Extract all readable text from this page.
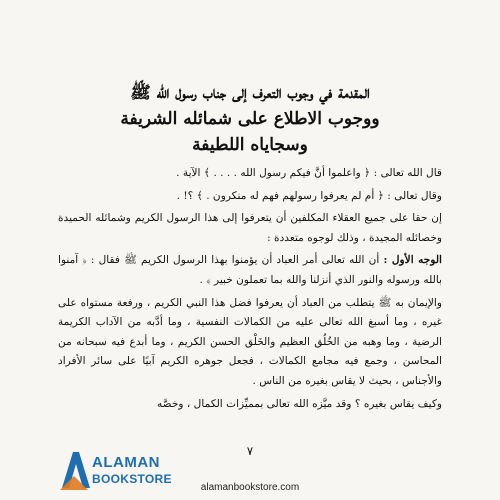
المقدمة في وجوب التعرف إلى جناب رسول الله ﷺ
ووجوب الاطلاع على شمائله الشريفة
وسجاياه اللطيفة

قال الله تعالى : ﴿ واعلموا أنَّ فيكم رسول الله . . . . ﴾ الآية .

وقال تعالى : ﴿ أم لم يعرفوا رسولهم فهم له منكرون . ﴾ ؟! .

إن حقا على جميع العقلاء المكلفين أن يتعرفوا إلى هذا الرسول الكريم وشمائله الحميدة وخصائله المجيدة ، وذلك لوجوه متعددة :

الوجه الأول : أن الله تعالى أمر العباد أن يؤمنوا بهذا الرسول الكريم ﷺ فقال : ﴿ آمنوا بالله ورسوله والنور الذي أنزلنا والله بما تعملون خبير ﴾ .

والإيمان به ﷺ يتطلب من العباد أن يعرفوا فضل هذا النبي الكريم ، ورفعة مستواه على غيره ، وما أسبغ الله تعالى عليه من الكمالات النفسية ، وما أدَّبه من الآداب الكريمة الرضية ، وما وهبه من الخُلُق العظيم والخَلْق الحسن الكريم ، وما أبدع فيه سبحانه من المحاسن ، وجمع فيه مجامع الكمالات ، فجعل جوهره الكريم آبيًا على سائر الأفراد والأجناس ، بحيث لا يقاس بغيره من الناس .

وكيف يقاس بغيره ؟ وقد ميَّزه الله تعالى بمميِّزات الكمال ، وخصَّه

٧
ALAMAN
BOOKSTORE
alamanbookstore.com
